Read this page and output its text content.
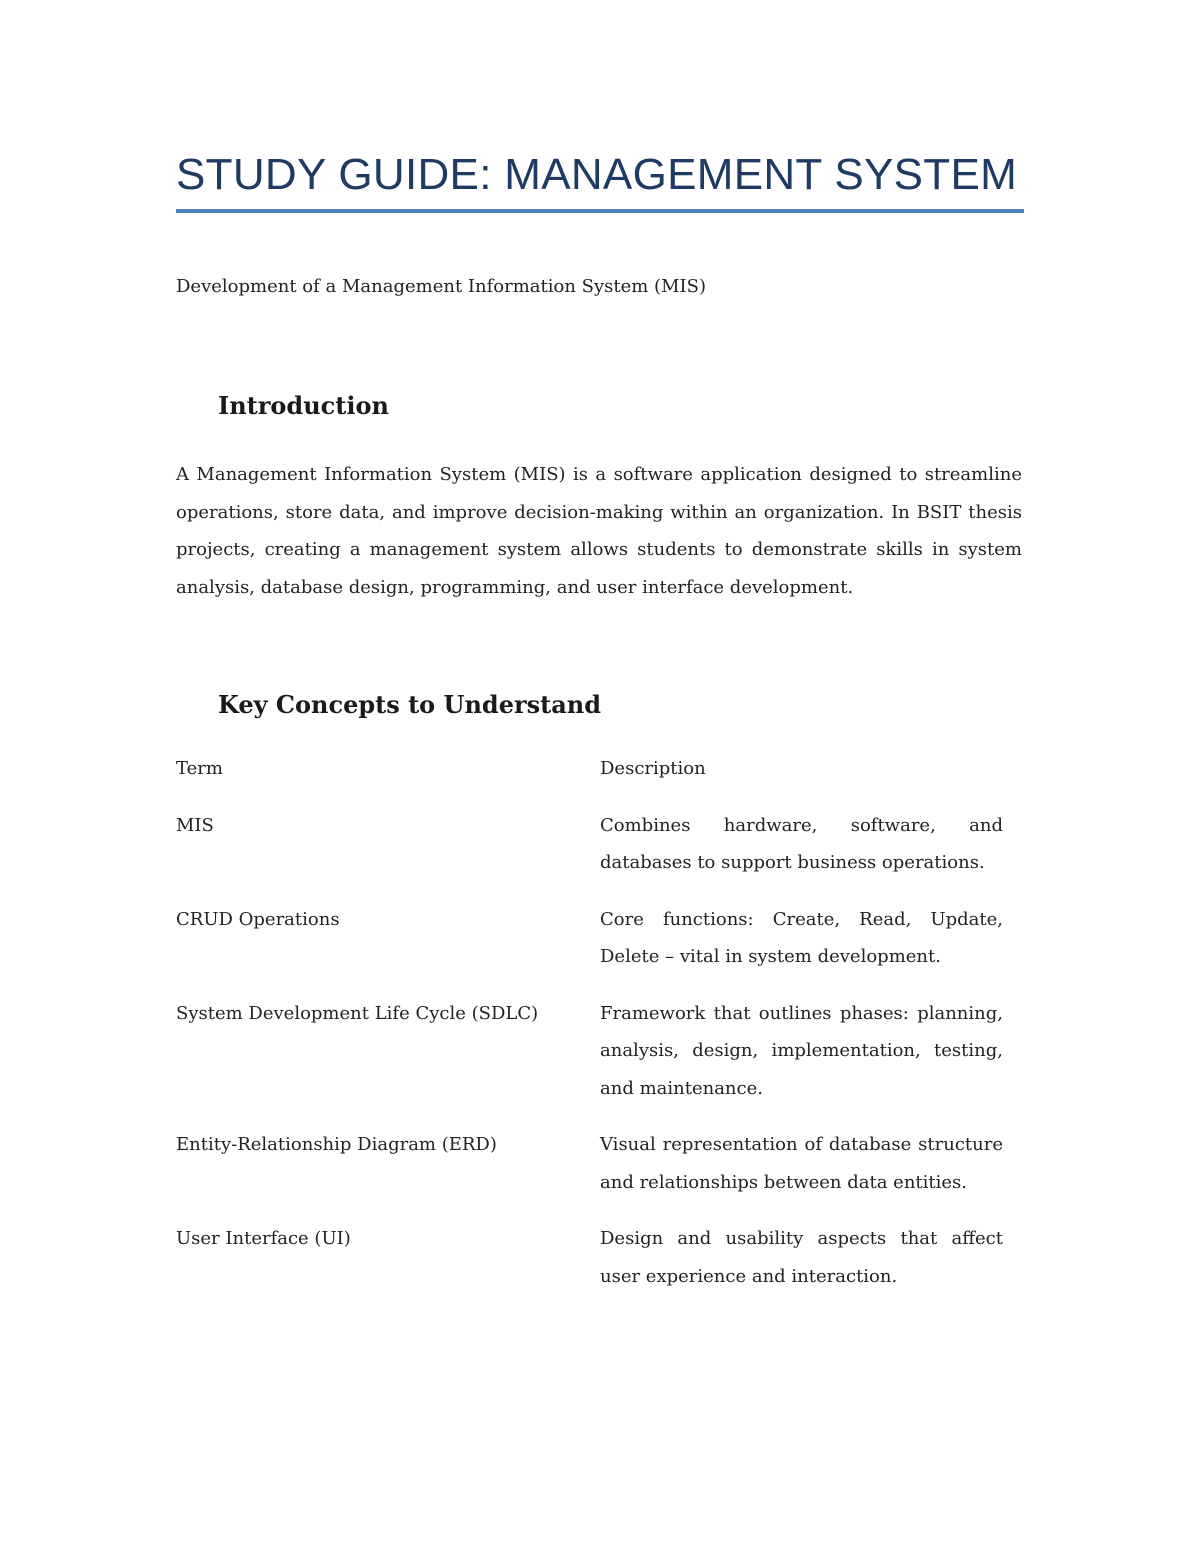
STUDY GUIDE: MANAGEMENT SYSTEM

Development of a Management Information System (MIS)

Introduction

A Management Information System (MIS) is a software application designed to streamline operations, store data, and improve decision-making within an organization. In BSIT thesis projects, creating a management system allows students to demonstrate skills in system analysis, database design, programming, and user interface development.

Key Concepts to Understand
Term	Description
MIS	Combines hardware, software, and databases to support business operations.
CRUD Operations	Core functions: Create, Read, Update, Delete – vital in system development.
System Development Life Cycle (SDLC)	Framework that outlines phases: planning, analysis, design, implementation, testing, and maintenance.
Entity-Relationship Diagram (ERD)	Visual representation of database structure and relationships between data entities.
User Interface (UI)	Design and usability aspects that affect user experience and interaction.
